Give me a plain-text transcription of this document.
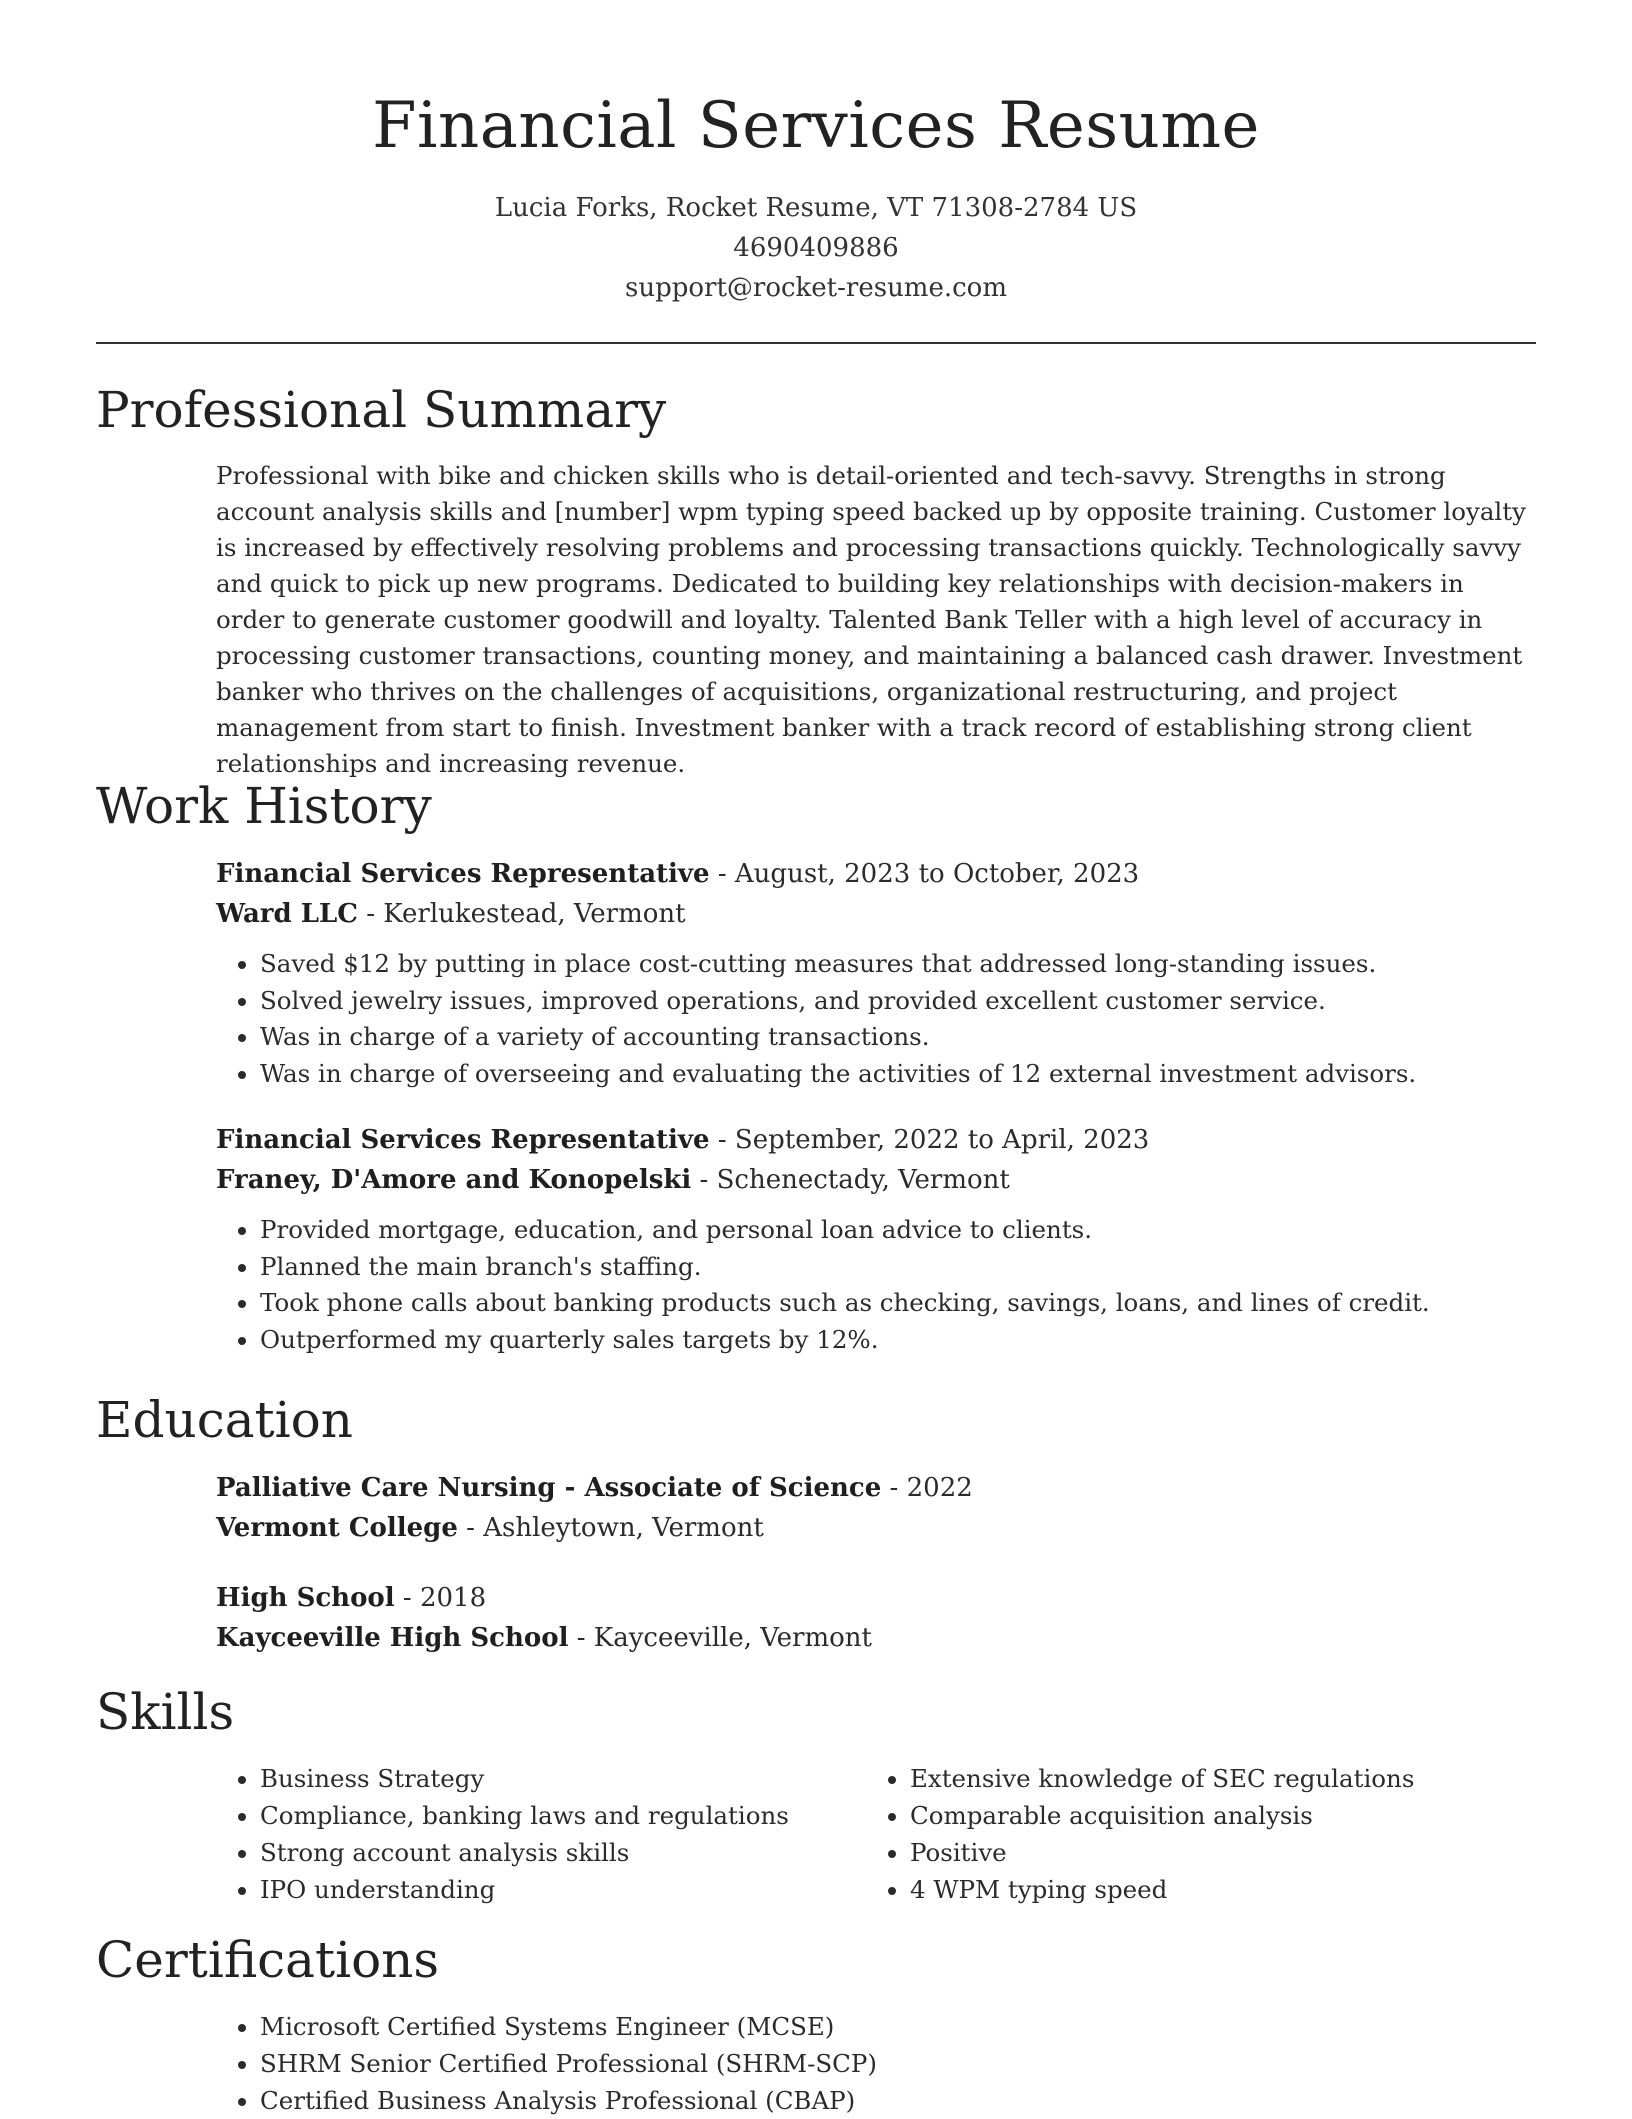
Financial Services Resume
Lucia Forks, Rocket Resume, VT 71308-2784 US
4690409886
support@rocket-resume.com
Professional Summary

Professional with bike and chicken skills who is detail-oriented and tech-savvy. Strengths in strong account analysis skills and [number] wpm typing speed backed up by opposite training. Customer loyalty is increased by effectively resolving problems and processing transactions quickly. Technologically savvy and quick to pick up new programs. Dedicated to building key relationships with decision-makers in order to generate customer goodwill and loyalty. Talented Bank Teller with a high level of accuracy in processing customer transactions, counting money, and maintaining a balanced cash drawer. Investment banker who thrives on the challenges of acquisitions, organizational restructuring, and project management from start to finish. Investment banker with a track record of establishing strong client relationships and increasing revenue.

Work History
Financial Services Representative - August, 2023 to October, 2023
Ward LLC - Kerlukestead, Vermont
• Saved $12 by putting in place cost-cutting measures that addressed long-standing issues.
• Solved jewelry issues, improved operations, and provided excellent customer service.
• Was in charge of a variety of accounting transactions.
• Was in charge of overseeing and evaluating the activities of 12 external investment advisors.
Financial Services Representative - September, 2022 to April, 2023
Franey, D'Amore and Konopelski - Schenectady, Vermont
• Provided mortgage, education, and personal loan advice to clients.
• Planned the main branch's staffing.
• Took phone calls about banking products such as checking, savings, loans, and lines of credit.
• Outperformed my quarterly sales targets by 12%.
Education
Palliative Care Nursing - Associate of Science - 2022
Vermont College - Ashleytown, Vermont
High School - 2018
Kayceeville High School - Kayceeville, Vermont
Skills
• Business Strategy
• Compliance, banking laws and regulations
• Strong account analysis skills
• IPO understanding
• Extensive knowledge of SEC regulations
• Comparable acquisition analysis
• Positive
• 4 WPM typing speed
Certifications
• Microsoft Certified Systems Engineer (MCSE)
• SHRM Senior Certified Professional (SHRM-SCP)
• Certified Business Analysis Professional (CBAP)
